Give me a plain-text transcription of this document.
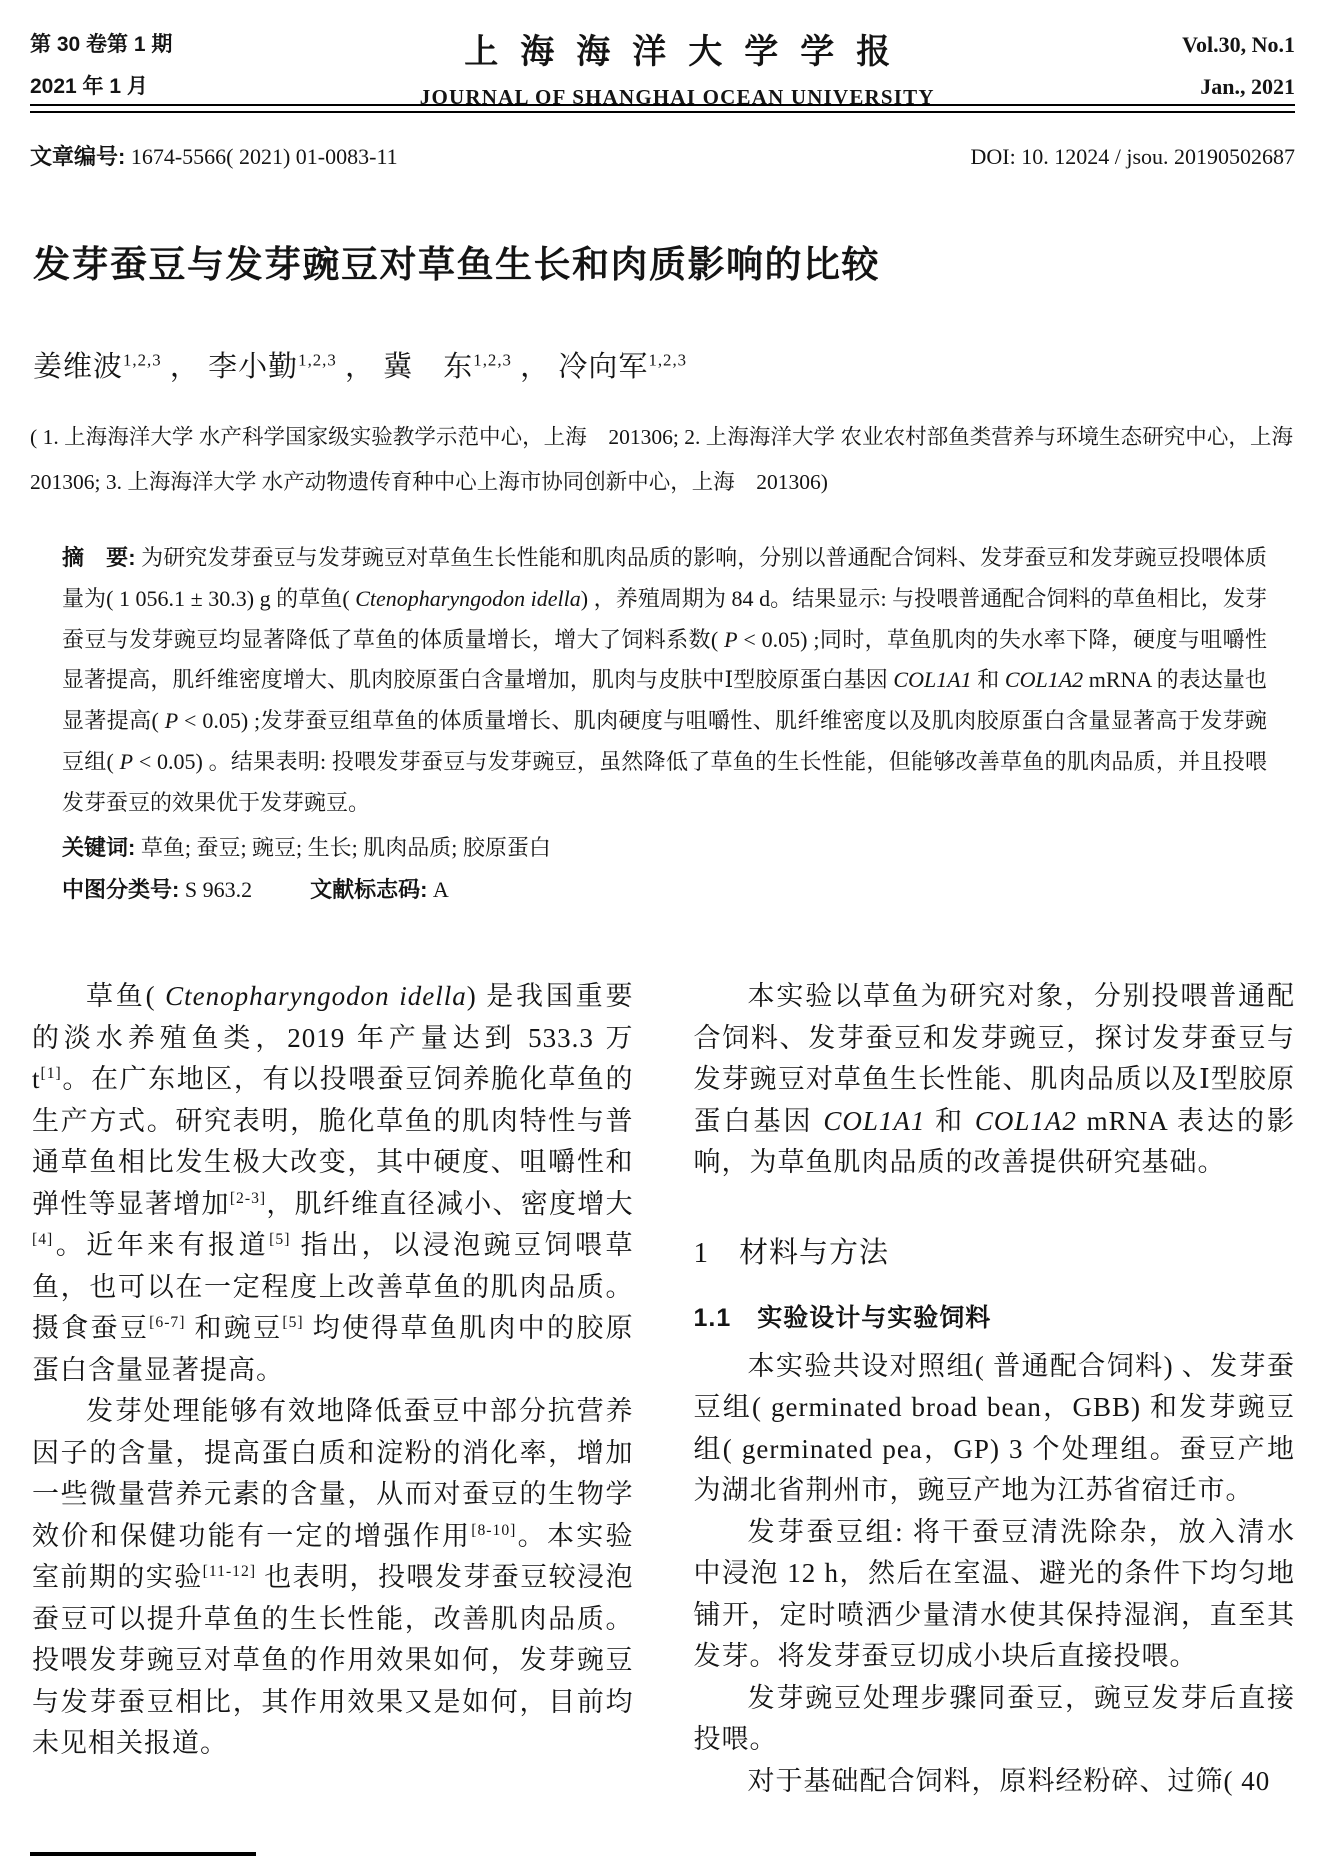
第 30 卷第 1 期
2021 年 1 月
上海海洋大学学报
JOURNAL OF SHANGHAI OCEAN UNIVERSITY
Vol.30, No.1
Jan., 2021
文章编号: 1674-5566( 2021) 01-0083-11	DOI: 10. 12024 / jsou. 20190502687
发芽蚕豆与发芽豌豆对草鱼生长和肉质影响的比较
姜维波$^{1,2,3}$ ， 李小勤$^{1,2,3}$ ， 冀　东$^{1,2,3}$ ， 冷向军$^{1,2,3}$
( 1. 上海海洋大学 水产科学国家级实验教学示范中心，上海　201306; 2. 上海海洋大学 农业农村部鱼类营养与环境生态研究中心，上海　201306; 3. 上海海洋大学 水产动物遗传育种中心上海市协同创新中心，上海　201306)
摘　要: 为研究发芽蚕豆与发芽豌豆对草鱼生长性能和肌肉品质的影响，分别以普通配合饲料、发芽蚕豆和发芽豌豆投喂体质量为( 1 056.1 ± 30.3) g 的草鱼( Ctenopharyngodon idella) ，养殖周期为 84 d。结果显示: 与投喂普通配合饲料的草鱼相比，发芽蚕豆与发芽豌豆均显著降低了草鱼的体质量增长，增大了饲料系数( P < 0.05) ;同时，草鱼肌肉的失水率下降，硬度与咀嚼性显著提高，肌纤维密度增大、肌肉胶原蛋白含量增加，肌肉与皮肤中Ⅰ型胶原蛋白基因 COL1A1 和 COL1A2 mRNA 的表达量也显著提高( P < 0.05) ;发芽蚕豆组草鱼的体质量增长、肌肉硬度与咀嚼性、肌纤维密度以及肌肉胶原蛋白含量显著高于发芽豌豆组( P < 0.05) 。结果表明: 投喂发芽蚕豆与发芽豌豆，虽然降低了草鱼的生长性能，但能够改善草鱼的肌肉品质，并且投喂发芽蚕豆的效果优于发芽豌豆。
关键词: 草鱼; 蚕豆; 豌豆; 生长; 肌肉品质; 胶原蛋白
中图分类号: S 963.2	文献标志码: A

草鱼( Ctenopharyngodon idella) 是我国重要的淡水养殖鱼类，2019 年产量达到 533.3 万 t[1]。在广东地区，有以投喂蚕豆饲养脆化草鱼的生产方式。研究表明，脆化草鱼的肌肉特性与普通草鱼相比发生极大改变，其中硬度、咀嚼性和弹性等显著增加[2-3]，肌纤维直径减小、密度增大[4]。近年来有报道[5] 指出，以浸泡豌豆饲喂草鱼，也可以在一定程度上改善草鱼的肌肉品质。摄食蚕豆[6-7] 和豌豆[5] 均使得草鱼肌肉中的胶原蛋白含量显著提高。

发芽处理能够有效地降低蚕豆中部分抗营养因子的含量，提高蛋白质和淀粉的消化率，增加一些微量营养元素的含量，从而对蚕豆的生物学效价和保健功能有一定的增强作用[8-10]。本实验室前期的实验[11-12] 也表明，投喂发芽蚕豆较浸泡蚕豆可以提升草鱼的生长性能，改善肌肉品质。投喂发芽豌豆对草鱼的作用效果如何，发芽豌豆与发芽蚕豆相比，其作用效果又是如何，目前均未见相关报道。

本实验以草鱼为研究对象，分别投喂普通配合饲料、发芽蚕豆和发芽豌豆，探讨发芽蚕豆与发芽豌豆对草鱼生长性能、肌肉品质以及Ⅰ型胶原蛋白基因 COL1A1 和 COL1A2 mRNA 表达的影响，为草鱼肌肉品质的改善提供研究基础。

1　材料与方法
1.1　实验设计与实验饲料

本实验共设对照组( 普通配合饲料) 、发芽蚕豆组( germinated broad bean，GBB) 和发芽豌豆组( germinated pea，GP) 3 个处理组。蚕豆产地为湖北省荆州市，豌豆产地为江苏省宿迁市。

发芽蚕豆组: 将干蚕豆清洗除杂，放入清水中浸泡 12 h，然后在室温、避光的条件下均匀地铺开，定时喷洒少量清水使其保持湿润，直至其发芽。将发芽蚕豆切成小块后直接投喂。

发芽豌豆处理步骤同蚕豆，豌豆发芽后直接投喂。

对于基础配合饲料，原料经粉碎、过筛( 40
